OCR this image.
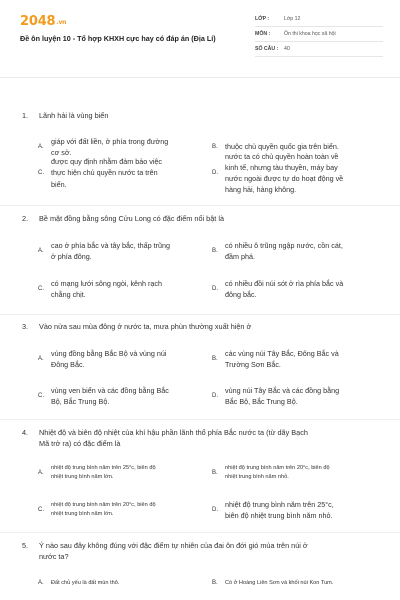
2048.vn
Đề ôn luyện 10 - Tổ hợp KHXH cực hay có đáp án (Địa Lí)
LỚP :	Lớp 12
MÔN :	Ôn thi khoa học xã hội
SỐ CÂU : 40
1. Lãnh hải là vùng biển
A.
giáp với đất liền, ở phía trong đường
cơ sở.
B.	thuộc chủ quyền quốc gia trên biển.
C.
được quy định nhằm đảm bảo việc
thực hiện chủ quyền nước ta trên
biển.
D.
nước ta có chủ quyền hoàn toàn về
kinh tế, nhưng tàu thuyền, máy bay
nước ngoài được tự do hoạt động về
hàng hải, hàng không.
2. Bề mặt đồng bằng sông Cửu Long có đặc điểm nổi bật là
A.
cao ở phía bắc và tây bắc, thấp trũng
ở phía đông.
B.
có nhiều ô trũng ngập nước, cồn cát,
đầm phá.
C.
có mạng lưới sông ngòi, kênh rạch
chằng chịt.
D.
có nhiều đồi núi sót ở rìa phía bắc và
đông bắc.
3. Vào nửa sau mùa đông ở nước ta, mưa phùn thường xuất hiện ở
A.
vùng đồng bằng Bắc Bộ và vùng núi
Đông Bắc.
B.
các vùng núi Tây Bắc, Đông Bắc và
Trường Sơn Bắc.
C.
vùng ven biển và các đồng bằng Bắc
Bộ, Bắc Trung Bộ.
D.
vùng núi Tây Bắc và các đồng bằng
Bắc Bộ, Bắc Trung Bộ.
4. Nhiệt độ và biên độ nhiệt của khí hậu phần lãnh thổ phía Bắc nước ta (từ dãy Bạch
Mã trở ra) có đặc điểm là
A.
nhiệt độ trung bình năm trên 25°c, biên độ
nhiệt trung bình năm lớn.
B.
nhiệt độ trung bình năm trên 20°c, biên độ
nhiệt trung bình năm nhỏ.
C.
nhiệt độ trung bình năm trên 20°c, biên độ
nhiệt trung bình năm lớn.
D.
nhiệt độ trung bình năm trên 25°c,
biên độ nhiệt trung bình năm nhỏ.
5. Ý nào sau đây không đúng với đặc điểm tự nhiên của đai ôn đới gió mùa trên núi ở
nước ta?
A.	Đất chủ yếu là đất mùn thô.	B.	Có ở Hoàng Liên Sơn và khối núi Kon Tum.
